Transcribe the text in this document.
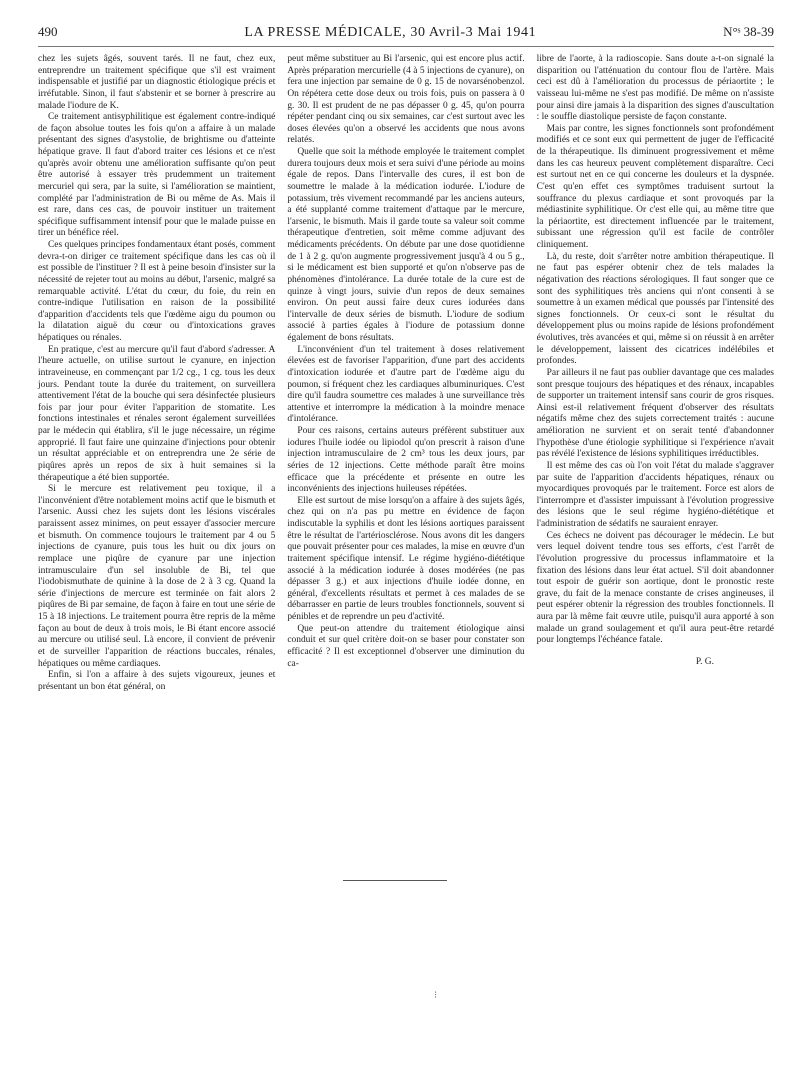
490	LA PRESSE MÉDICALE, 30 Avril-3 Mai 1941	N°ˢ 38-39

chez les sujets âgés, souvent tarés. Il ne faut, chez eux, entreprendre un traitement spécifique que s'il est vraiment indispensable et justifié par un diagnostic étiologique précis et irréfutable. Sinon, il faut s'abstenir et se borner à prescrire au malade l'iodure de K.

Ce traitement antisyphilitique est également contre-indiqué de façon absolue toutes les fois qu'on a affaire à un malade présentant des signes d'asystolie, de brightisme ou d'atteinte hépatique grave. Il faut d'abord traiter ces lésions et ce n'est qu'après avoir obtenu une amélioration suffisante qu'on peut être autorisé à essayer très prudemment un traitement mercuriel qui sera, par la suite, si l'amélioration se maintient, complété par l'administration de Bi ou même de As. Mais il est rare, dans ces cas, de pouvoir instituer un traitement spécifique suffisamment intensif pour que le malade puisse en tirer un bénéfice réel.

Ces quelques principes fondamentaux étant posés, comment devra-t-on diriger ce traitement spécifique dans les cas où il est possible de l'instituer ? Il est à peine besoin d'insister sur la nécessité de rejeter tout au moins au début, l'arsenic, malgré sa remarquable activité. L'état du cœur, du foie, du rein en contre-indique l'utilisation en raison de la possibilité d'apparition d'accidents tels que l'œdème aigu du poumon ou la dilatation aiguë du cœur ou d'intoxications graves hépatiques ou rénales.

En pratique, c'est au mercure qu'il faut d'abord s'adresser. A l'heure actuelle, on utilise surtout le cyanure, en injection intraveineuse, en commençant par 1/2 cg., 1 cg. tous les deux jours. Pendant toute la durée du traitement, on surveillera attentivement l'état de la bouche qui sera désinfectée plusieurs fois par jour pour éviter l'apparition de stomatite. Les fonctions intestinales et rénales seront également surveillées par le médecin qui établira, s'il le juge nécessaire, un régime approprié. Il faut faire une quinzaine d'injections pour obtenir un résultat appréciable et on entreprendra une 2e série de piqûres après un repos de six à huit semaines si la thérapeutique a été bien supportée.

Si le mercure est relativement peu toxique, il a l'inconvénient d'être notablement moins actif que le bismuth et l'arsenic. Aussi chez les sujets dont les lésions viscérales paraissent assez minimes, on peut essayer d'associer mercure et bismuth. On commence toujours le traitement par 4 ou 5 injections de cyanure, puis tous les huit ou dix jours on remplace une piqûre de cyanure par une injection intramusculaire d'un sel insoluble de Bi, tel que l'iodobismuthate de quinine à la dose de 2 à 3 cg. Quand la série d'injections de mercure est terminée on fait alors 2 piqûres de Bi par semaine, de façon à faire en tout une série de 15 à 18 injections. Le traitement pourra être repris de la même façon au bout de deux à trois mois, le Bi étant encore associé au mercure ou utilisé seul. Là encore, il convient de prévenir et de surveiller l'apparition de réactions buccales, rénales, hépatiques ou même cardiaques.

Enfin, si l'on a affaire à des sujets vigoureux, jeunes et présentant un bon état général, on

peut même substituer au Bi l'arsenic, qui est encore plus actif. Après préparation mercurielle (4 à 5 injections de cyanure), on fera une injection par semaine de 0 g. 15 de novarsénobenzol. On répétera cette dose deux ou trois fois, puis on passera à 0 g. 30. Il est prudent de ne pas dépasser 0 g. 45, qu'on pourra répéter pendant cinq ou six semaines, car c'est surtout avec les doses élevées qu'on a observé les accidents que nous avons relatés.

Quelle que soit la méthode employée le traitement complet durera toujours deux mois et sera suivi d'une période au moins égale de repos. Dans l'intervalle des cures, il est bon de soumettre le malade à la médication iodurée. L'iodure de potassium, très vivement recommandé par les anciens auteurs, a été supplanté comme traitement d'attaque par le mercure, l'arsenic, le bismuth. Mais il garde toute sa valeur soit comme thérapeutique d'entretien, soit même comme adjuvant des médicaments précédents. On débute par une dose quotidienne de 1 à 2 g. qu'on augmente progressivement jusqu'à 4 ou 5 g., si le médicament est bien supporté et qu'on n'observe pas de phénomènes d'intolérance. La durée totale de la cure est de quinze à vingt jours, suivie d'un repos de deux semaines environ. On peut aussi faire deux cures iodurées dans l'intervalle de deux séries de bismuth. L'iodure de sodium associé à parties égales à l'iodure de potassium donne également de bons résultats.

L'inconvénient d'un tel traitement à doses relativement élevées est de favoriser l'apparition, d'une part des accidents d'intoxication iodurée et d'autre part de l'œdème aigu du poumon, si fréquent chez les cardiaques albuminuriques. C'est dire qu'il faudra soumettre ces malades à une surveillance très attentive et interrompre la médication à la moindre menace d'intolérance.

Pour ces raisons, certains auteurs préfèrent substituer aux iodures l'huile iodée ou lipiodol qu'on prescrit à raison d'une injection intramusculaire de 2 cm³ tous les deux jours, par séries de 12 injections. Cette méthode paraît être moins efficace que la précédente et présente en outre les inconvénients des injections huileuses répétées.

Elle est surtout de mise lorsqu'on a affaire à des sujets âgés, chez qui on n'a pas pu mettre en évidence de façon indiscutable la syphilis et dont les lésions aortiques paraissent être le résultat de l'artériosclérose. Nous avons dit les dangers que pouvait présenter pour ces malades, la mise en œuvre d'un traitement spécifique intensif. Le régime hygiéno-diététique associé à la médication iodurée à doses modérées (ne pas dépasser 3 g.) et aux injections d'huile iodée donne, en général, d'excellents résultats et permet à ces malades de se débarrasser en partie de leurs troubles fonctionnels, souvent si pénibles et de reprendre un peu d'activité.

Que peut-on attendre du traitement étiologique ainsi conduit et sur quel critère doit-on se baser pour constater son efficacité ? Il est exceptionnel d'observer une diminution du ca-

libre de l'aorte, à la radioscopie. Sans doute a-t-on signalé la disparition ou l'atténuation du contour flou de l'artère. Mais ceci est dû à l'amélioration du processus de périaortite ; le vaisseau lui-même ne s'est pas modifié. De même on n'assiste pour ainsi dire jamais à la disparition des signes d'auscultation : le souffle diastolique persiste de façon constante.

Mais par contre, les signes fonctionnels sont profondément modifiés et ce sont eux qui permettent de juger de l'efficacité de la thérapeutique. Ils diminuent progressivement et même dans les cas heureux peuvent complètement disparaître. Ceci est surtout net en ce qui concerne les douleurs et la dyspnée. C'est qu'en effet ces symptômes traduisent surtout la souffrance du plexus cardiaque et sont provoqués par la médiastinite syphilitique. Or c'est elle qui, au même titre que la périaortite, est directement influencée par le traitement, subissant une régression qu'il est facile de contrôler cliniquement.

Là, du reste, doit s'arrêter notre ambition thérapeutique. Il ne faut pas espérer obtenir chez de tels malades la négativation des réactions sérologiques. Il faut songer que ce sont des syphilitiques très anciens qui n'ont consenti à se soumettre à un examen médical que poussés par l'intensité des signes fonctionnels. Or ceux-ci sont le résultat du développement plus ou moins rapide de lésions profondément évolutives, très avancées et qui, même si on réussit à en arrêter le développement, laissent des cicatrices indélébiles et profondes.

Par ailleurs il ne faut pas oublier davantage que ces malades sont presque toujours des hépatiques et des rénaux, incapables de supporter un traitement intensif sans courir de gros risques. Ainsi est-il relativement fréquent d'observer des résultats négatifs même chez des sujets correctement traités : aucune amélioration ne survient et on serait tenté d'abandonner l'hypothèse d'une étiologie syphilitique si l'expérience n'avait pas révélé l'existence de lésions syphilitiques irréductibles.

Il est même des cas où l'on voit l'état du malade s'aggraver par suite de l'apparition d'accidents hépatiques, rénaux ou myocardiques provoqués par le traitement. Force est alors de l'interrompre et d'assister impuissant à l'évolution progressive des lésions que le seul régime hygiéno-diététique et l'administration de sédatifs ne sauraient enrayer.

Ces échecs ne doivent pas décourager le médecin. Le but vers lequel doivent tendre tous ses efforts, c'est l'arrêt de l'évolution progressive du processus inflammatoire et la fixation des lésions dans leur état actuel. S'il doit abandonner tout espoir de guérir son aortique, dont le pronostic reste grave, du fait de la menace constante de crises angineuses, il peut espérer obtenir la régression des troubles fonctionnels. Il aura par là même fait œuvre utile, puisqu'il aura apporté à son malade un grand soulagement et qu'il aura peut-être retardé pour longtemps l'échéance fatale.

P. G.

⁝
